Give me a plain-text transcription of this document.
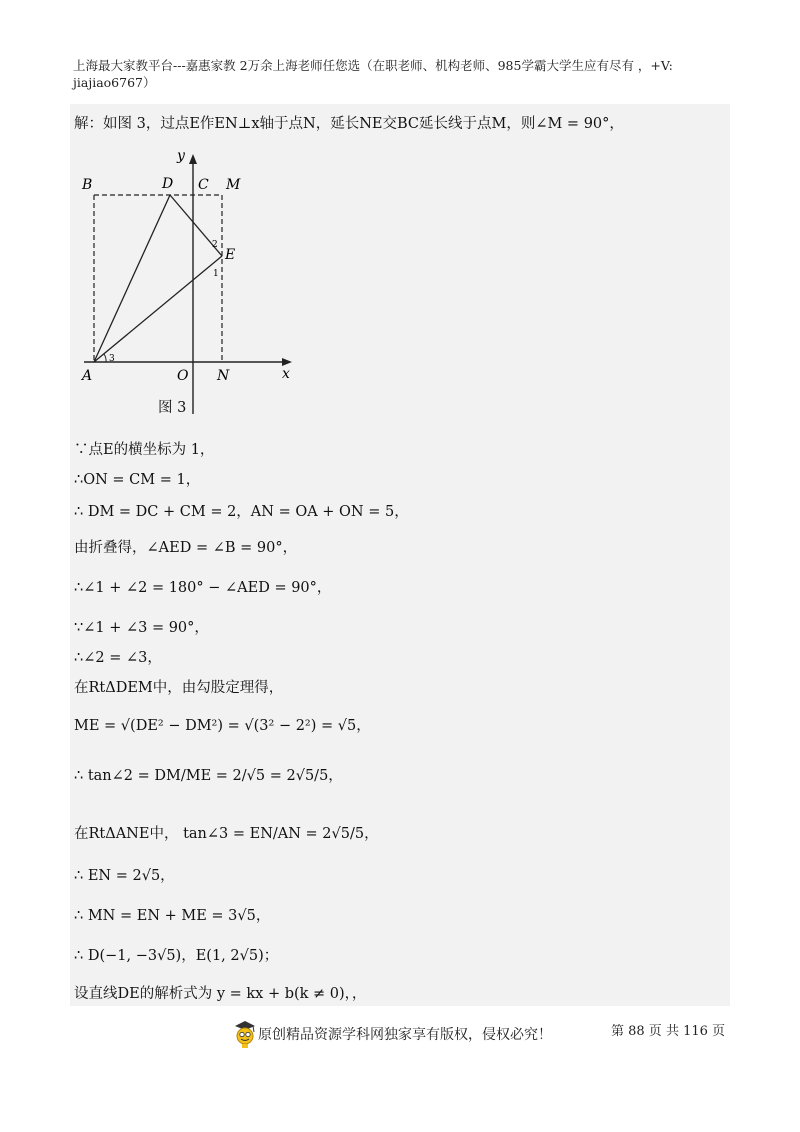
上海最大家教平台---嘉惠家教 2万余上海老师任您选（在职老师、机构老师、985学霸大学生应有尽有 ，+V:
jiajiao6767）
解：如图 3，过点E作EN⊥x轴于点N，延长NE交BC延长线于点M，则∠M = 90°，
y
x
B	D C M
E
A	O N
2
1
3
图 3
∵点E的横坐标为 1，
∴ON = CM = 1，
∴ DM = DC + CM = 2，AN = OA + ON = 5，
由折叠得，∠AED = ∠B = 90°，
∴∠1 + ∠2 = 180° − ∠AED = 90°，
∵∠1 + ∠3 = 90°，
∴∠2 = ∠3，
在RtΔDEM中，由勾股定理得，
ME = √(DE² − DM²) = √(3² − 2²) = √5，
∴ tan∠2 = DM/ME = 2/√5 = 2√5/5，
在RtΔANE中， tan∠3 = EN/AN = 2√5/5，
∴ EN = 2√5，
∴ MN = EN + ME = 3√5，
∴ D(−1, −3√5)，E(1, 2√5)；
设直线DE的解析式为 y = kx + b(k ≠ 0)，，
原创精品资源学科网独家享有版权，侵权必究！	第 88 页 共 116 页
